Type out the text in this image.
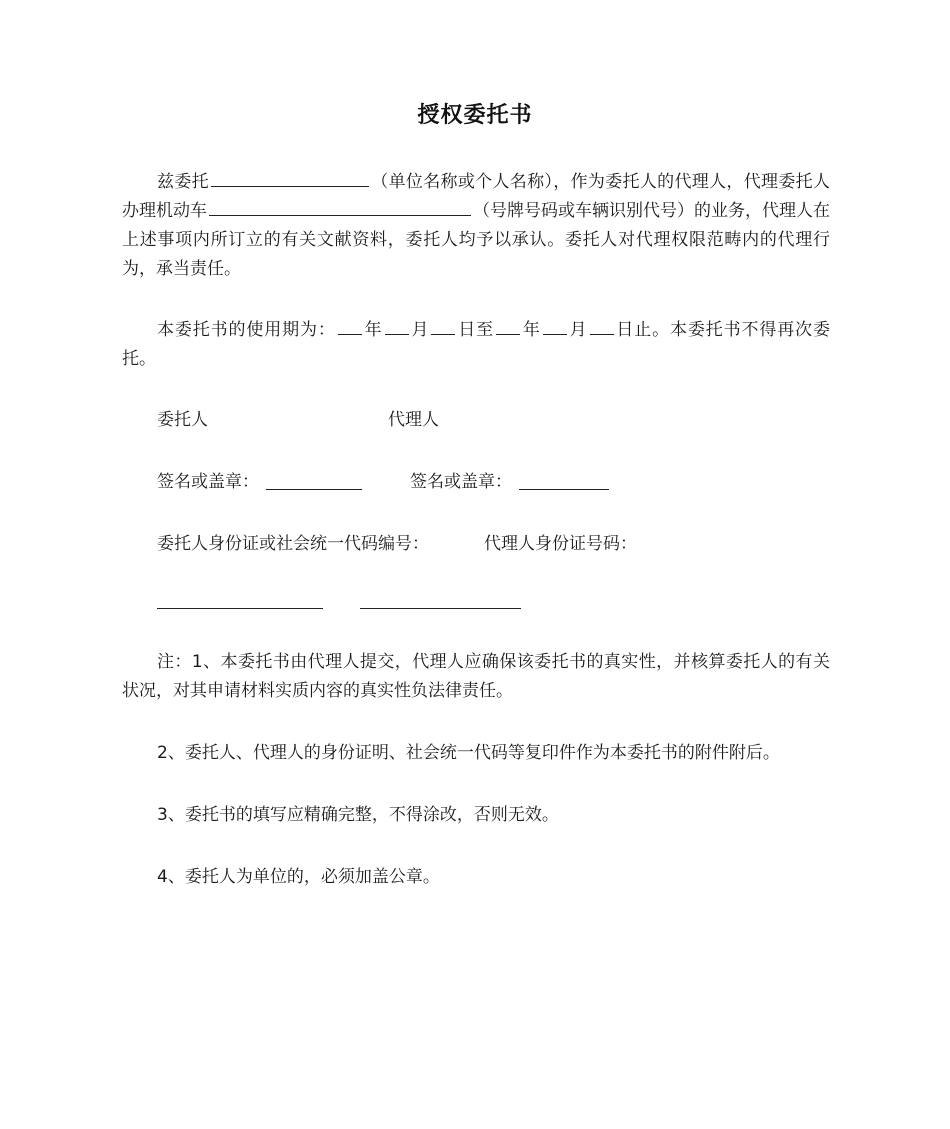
授权委托书
兹委托	（单位名称或个人名称），作为委托人的代理人，代理委托人办理机动车	（号牌号码或车辆识别代号）的业务，代理人在上述事项内所订立的有关文献资料，委托人均予以承认。委托人对代理权限范畴内的代理行为，承当责任。
本委托书的使用期为： 年 月 日至 年 月 日止。本委托书不得再次委托。
委托人	代理人
签名或盖章：	签名或盖章：
委托人身份证或社会统一代码编号：	代理人身份证号码：
注：1、本委托书由代理人提交，代理人应确保该委托书的真实性，并核算委托人的有关状况，对其申请材料实质内容的真实性负法律责任。
2、委托人、代理人的身份证明、社会统一代码等复印件作为本委托书的附件附后。
3、委托书的填写应精确完整，不得涂改，否则无效。
4、委托人为单位的，必须加盖公章。
